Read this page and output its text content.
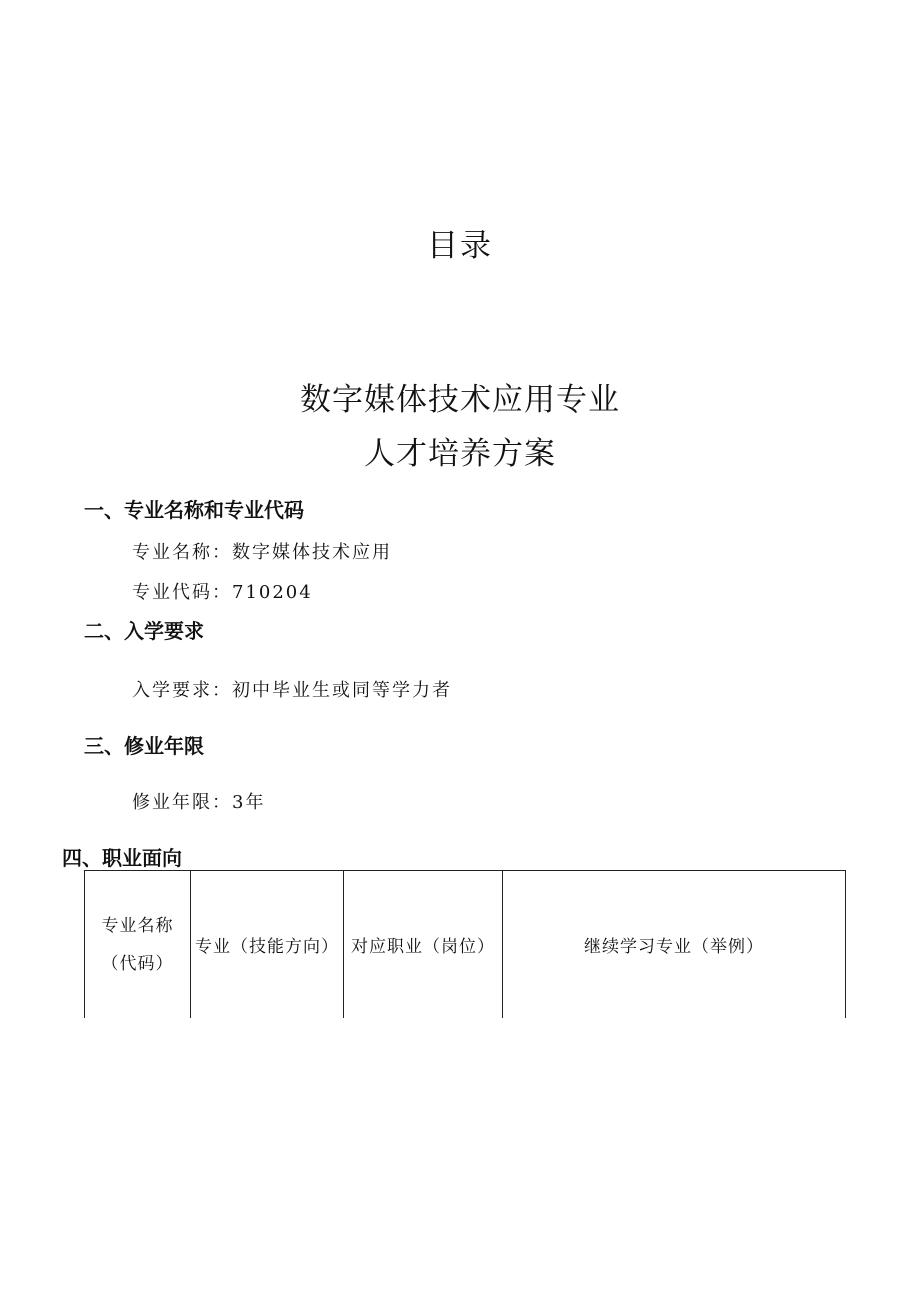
目录
数字媒体技术应用专业
人才培养方案
一、专业名称和专业代码
专业名称：数字媒体技术应用
专业代码：710204
二、入学要求
入学要求：初中毕业生或同等学力者
三、修业年限
修业年限：3年
四、职业面向
专业名称
（代码）
	专业（技能方向）	对应职业（岗位）	继续学习专业（举例）
